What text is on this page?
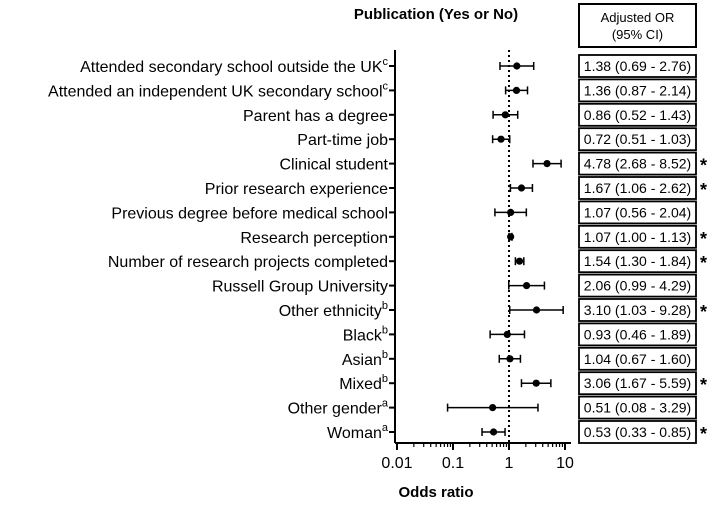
Publication (Yes or No)
Odds ratio
Adjusted OR
(95% CI)
0.01 0.1	1	10
Attended secondary school outside the $UK^c$	1.38 (0.69 - 2.76)
Attended an independent UK secondary school$^c$	1.36 (0.87 - 2.14)
Parent has a degree	0.86 (0.52 - 1.43)
Part-time job	0.72 (0.51 - 1.03)
Clinical student	4.78 (2.68 - 8.52) *
Prior research experience	1.67 (1.06 - 2.62) *
Previous degree before medical school	1.07 (0.56 - 2.04)
Research perception	1.07 (1.00 - 1.13) *
Number of research projects completed	1.54 (1.30 - 1.84) *
Russell Group University	2.06 (0.99 - 4.29)
Other ethnicity$^b$	3.10 (1.03 - 9.28) *
Black$^b$	0.93 (0.46 - 1.89)
Asian$^b$	1.04 (0.67 - 1.60)
Mixed$^b$	3.06 (1.67 - 5.59) *
Other gender$^a$	0.51 (0.08 - 3.29)
Woman$^a$	0.53 (0.33 - 0.85) *
